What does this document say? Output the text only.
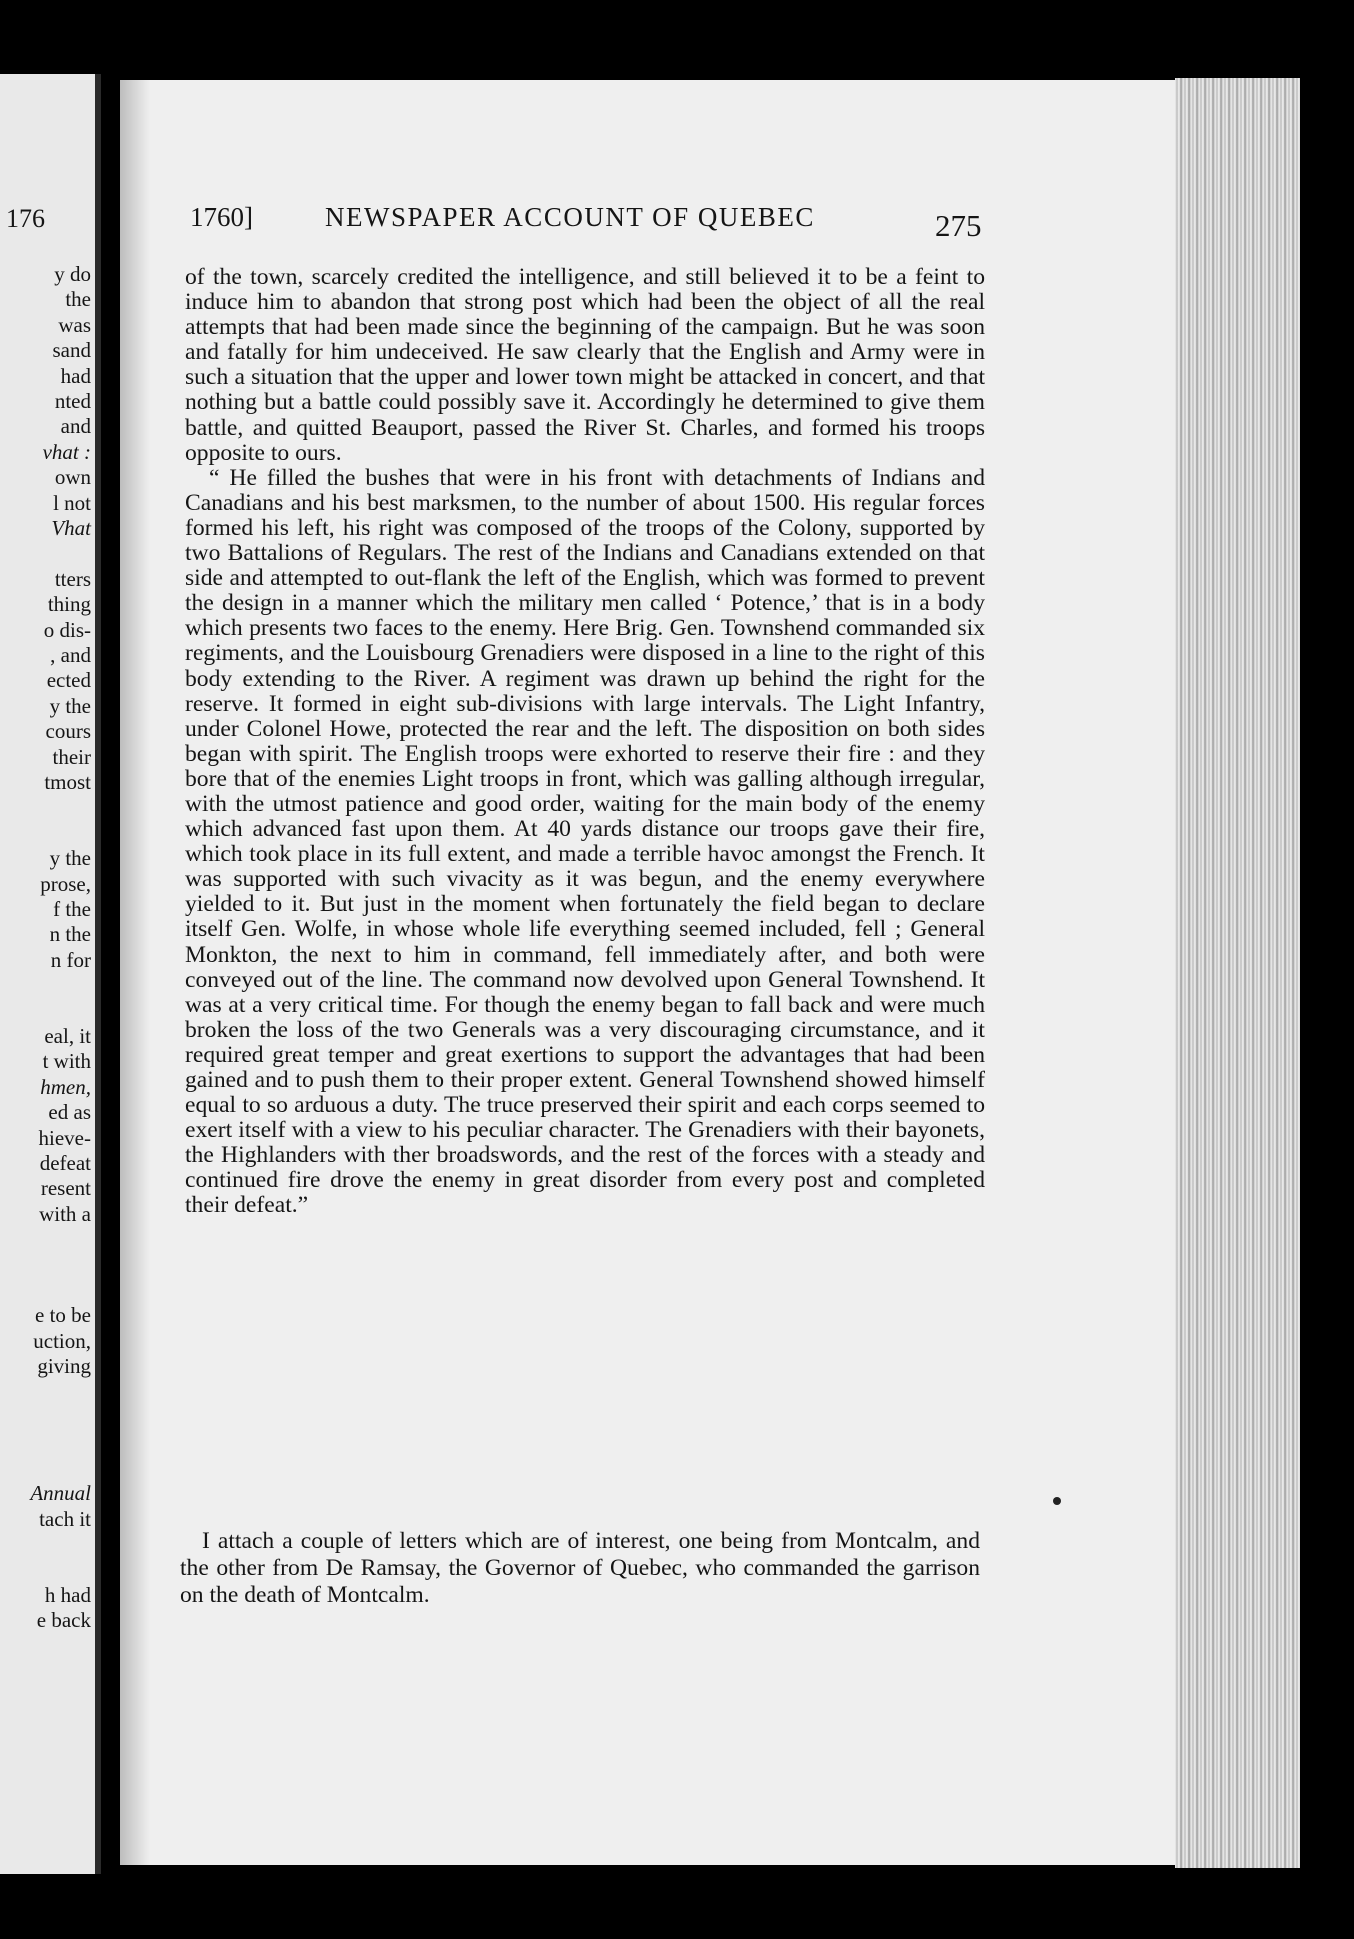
176
y do
the
was
sand
had
nted
and
vhat :
own
l not
Vhat
tters
thing
o dis-
, and
ected
y the
cours
their
tmost
y the
prose,
f the
n the
n for
eal, it
t with
hmen,
ed as
hieve-
defeat
resent
with a
e to be
uction,
giving
Annual
tach it
h had
e back
1760]	NEWSPAPER ACCOUNT OF QUEBEC	275

of the town, scarcely credited the intelligence, and still believed it to be a feint to induce him to abandon that strong post which had been the object of all the real attempts that had been made since the beginning of the campaign. But he was soon and fatally for him undeceived. He saw clearly that the English and Army were in such a situation that the upper and lower town might be attacked in concert, and that nothing but a battle could possibly save it. Accordingly he determined to give them battle, and quitted Beauport, passed the River St. Charles, and formed his troops opposite to ours.

“ He filled the bushes that were in his front with detachments of Indians and Canadians and his best marksmen, to the number of about 1500. His regular forces formed his left, his right was composed of the troops of the Colony, supported by two Battalions of Regulars. The rest of the Indians and Canadians extended on that side and attempted to out-flank the left of the English, which was formed to prevent the design in a manner which the military men called ‘ Potence,’ that is in a body which presents two faces to the enemy. Here Brig. Gen. Townshend commanded six regiments, and the Louisbourg Grenadiers were disposed in a line to the right of this body extending to the River. A regiment was drawn up behind the right for the reserve. It formed in eight sub-divisions with large intervals. The Light Infantry, under Colonel Howe, protected the rear and the left. The disposition on both sides began with spirit. The English troops were exhorted to reserve their fire : and they bore that of the enemies Light troops in front, which was galling although irregular, with the utmost patience and good order, waiting for the main body of the enemy which advanced fast upon them. At 40 yards distance our troops gave their fire, which took place in its full extent, and made a terrible havoc amongst the French. It was supported with such vivacity as it was begun, and the enemy everywhere yielded to it. But just in the moment when fortunately the field began to declare itself Gen. Wolfe, in whose whole life everything seemed included, fell ; General Monkton, the next to him in command, fell immediately after, and both were conveyed out of the line. The command now devolved upon General Townshend. It was at a very critical time. For though the enemy began to fall back and were much broken the loss of the two Generals was a very discouraging circumstance, and it required great temper and great exertions to support the advantages that had been gained and to push them to their proper extent. General Townshend showed himself equal to so arduous a duty. The truce preserved their spirit and each corps seemed to exert itself with a view to his peculiar character. The Grenadiers with their bayonets, the Highlanders with ther broadswords, and the rest of the forces with a steady and continued fire drove the enemy in great disorder from every post and completed their defeat.”

I attach a couple of letters which are of interest, one being from Montcalm, and the other from De Ramsay, the Governor of Quebec, who commanded the garrison on the death of Montcalm.
